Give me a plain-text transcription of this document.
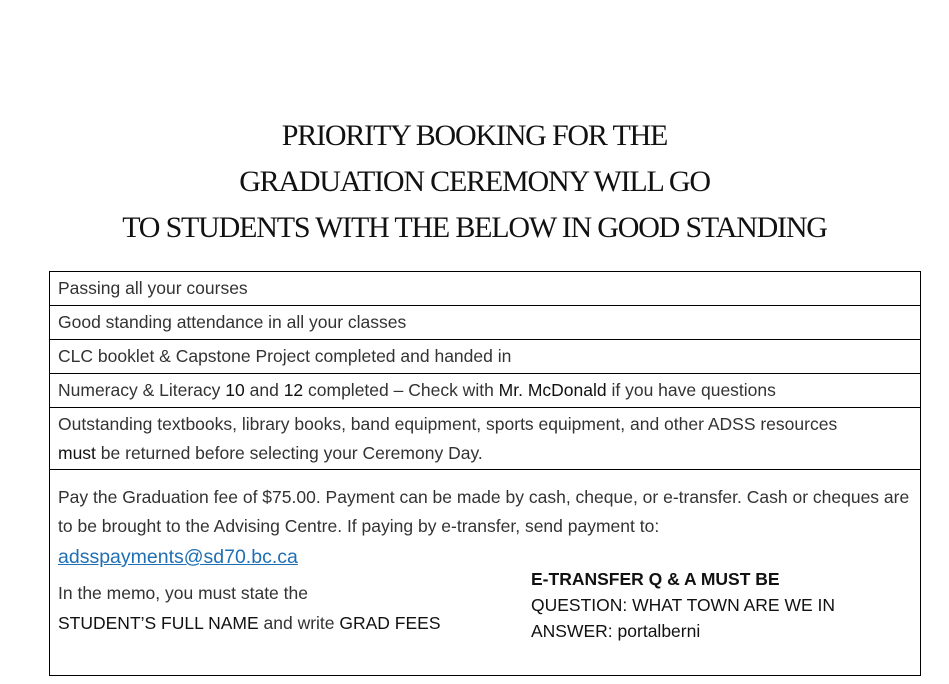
PRIORITY BOOKING FOR THE
GRADUATION CEREMONY WILL GO
TO STUDENTS WITH THE BELOW IN GOOD STANDING
Passing all your courses
Good standing attendance in all your classes
CLC booklet & Capstone Project completed and handed in
Numeracy & Literacy 10 and 12 completed – Check with Mr. McDonald if you have questions
Outstanding textbooks, library books, band equipment, sports equipment, and other ADSS resources
must be returned before selecting your Ceremony Day.
Pay the Graduation fee of $75.00. Payment can be made by cash, cheque, or e-transfer. Cash or cheques are to be brought to the Advising Centre. If paying by e-transfer, send payment to:
adsspayments@sd70.bc.ca
In the memo, you must state the
STUDENT’S FULL NAME and write GRAD FEES
E-TRANSFER Q & A MUST BE
QUESTION: WHAT TOWN ARE WE IN
ANSWER: portalberni
